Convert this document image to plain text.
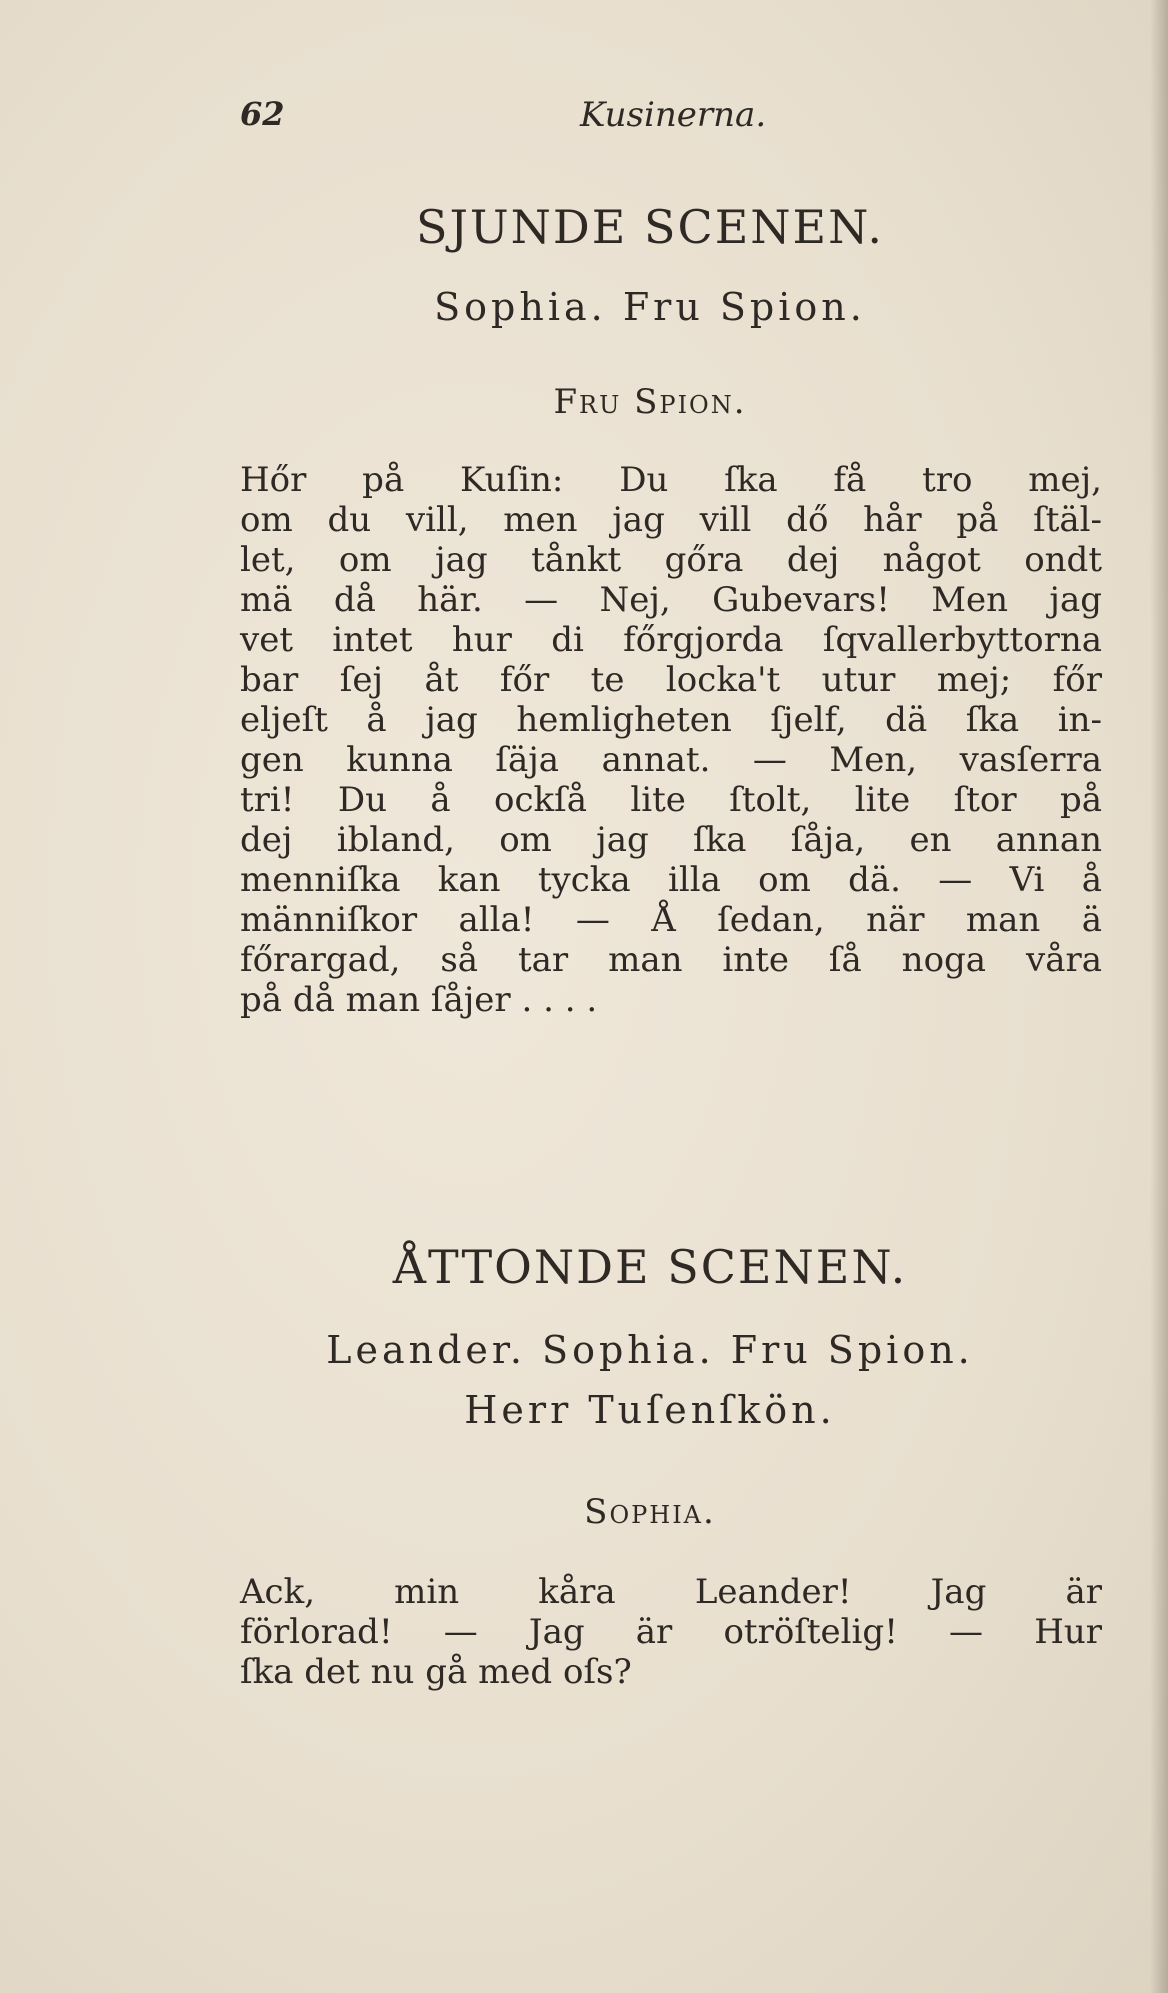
62	Kusinerna.
SJUNDE SCENEN.
Sophia. Fru Spion.
Fru Spion.
Hőr på Kuſin: Du ſka få tro mej,
om du vill, men jag vill dő hår på ſtäl-
let, om jag tånkt gőra dej något ondt
mä då här. — Nej, Gubevars! Men jag
vet intet hur di főrgjorda ſqvallerbyttorna
bar ſej åt főr te locka't utur mej; főr
eljeſt å jag hemligheten ſjelf, dä ſka in-
gen kunna ſäja annat. — Men, vasſerra
tri! Du å ockſå lite ſtolt, lite ſtor på
dej ibland, om jag ſka ſåja, en annan
menniſka kan tycka illa om dä. — Vi å
männiſkor alla! — Å ſedan, när man ä
főrargad, så tar man inte ſå noga våra
på då man ſåjer . . . .
ÅTTONDE SCENEN.
Leander. Sophia. Fru Spion.
Herr Tuſenſkön.
Sophia.
Ack, min kåra Leander! Jag är
förlorad! — Jag är otröſtelig! — Hur
ſka det nu gå med oſs?
